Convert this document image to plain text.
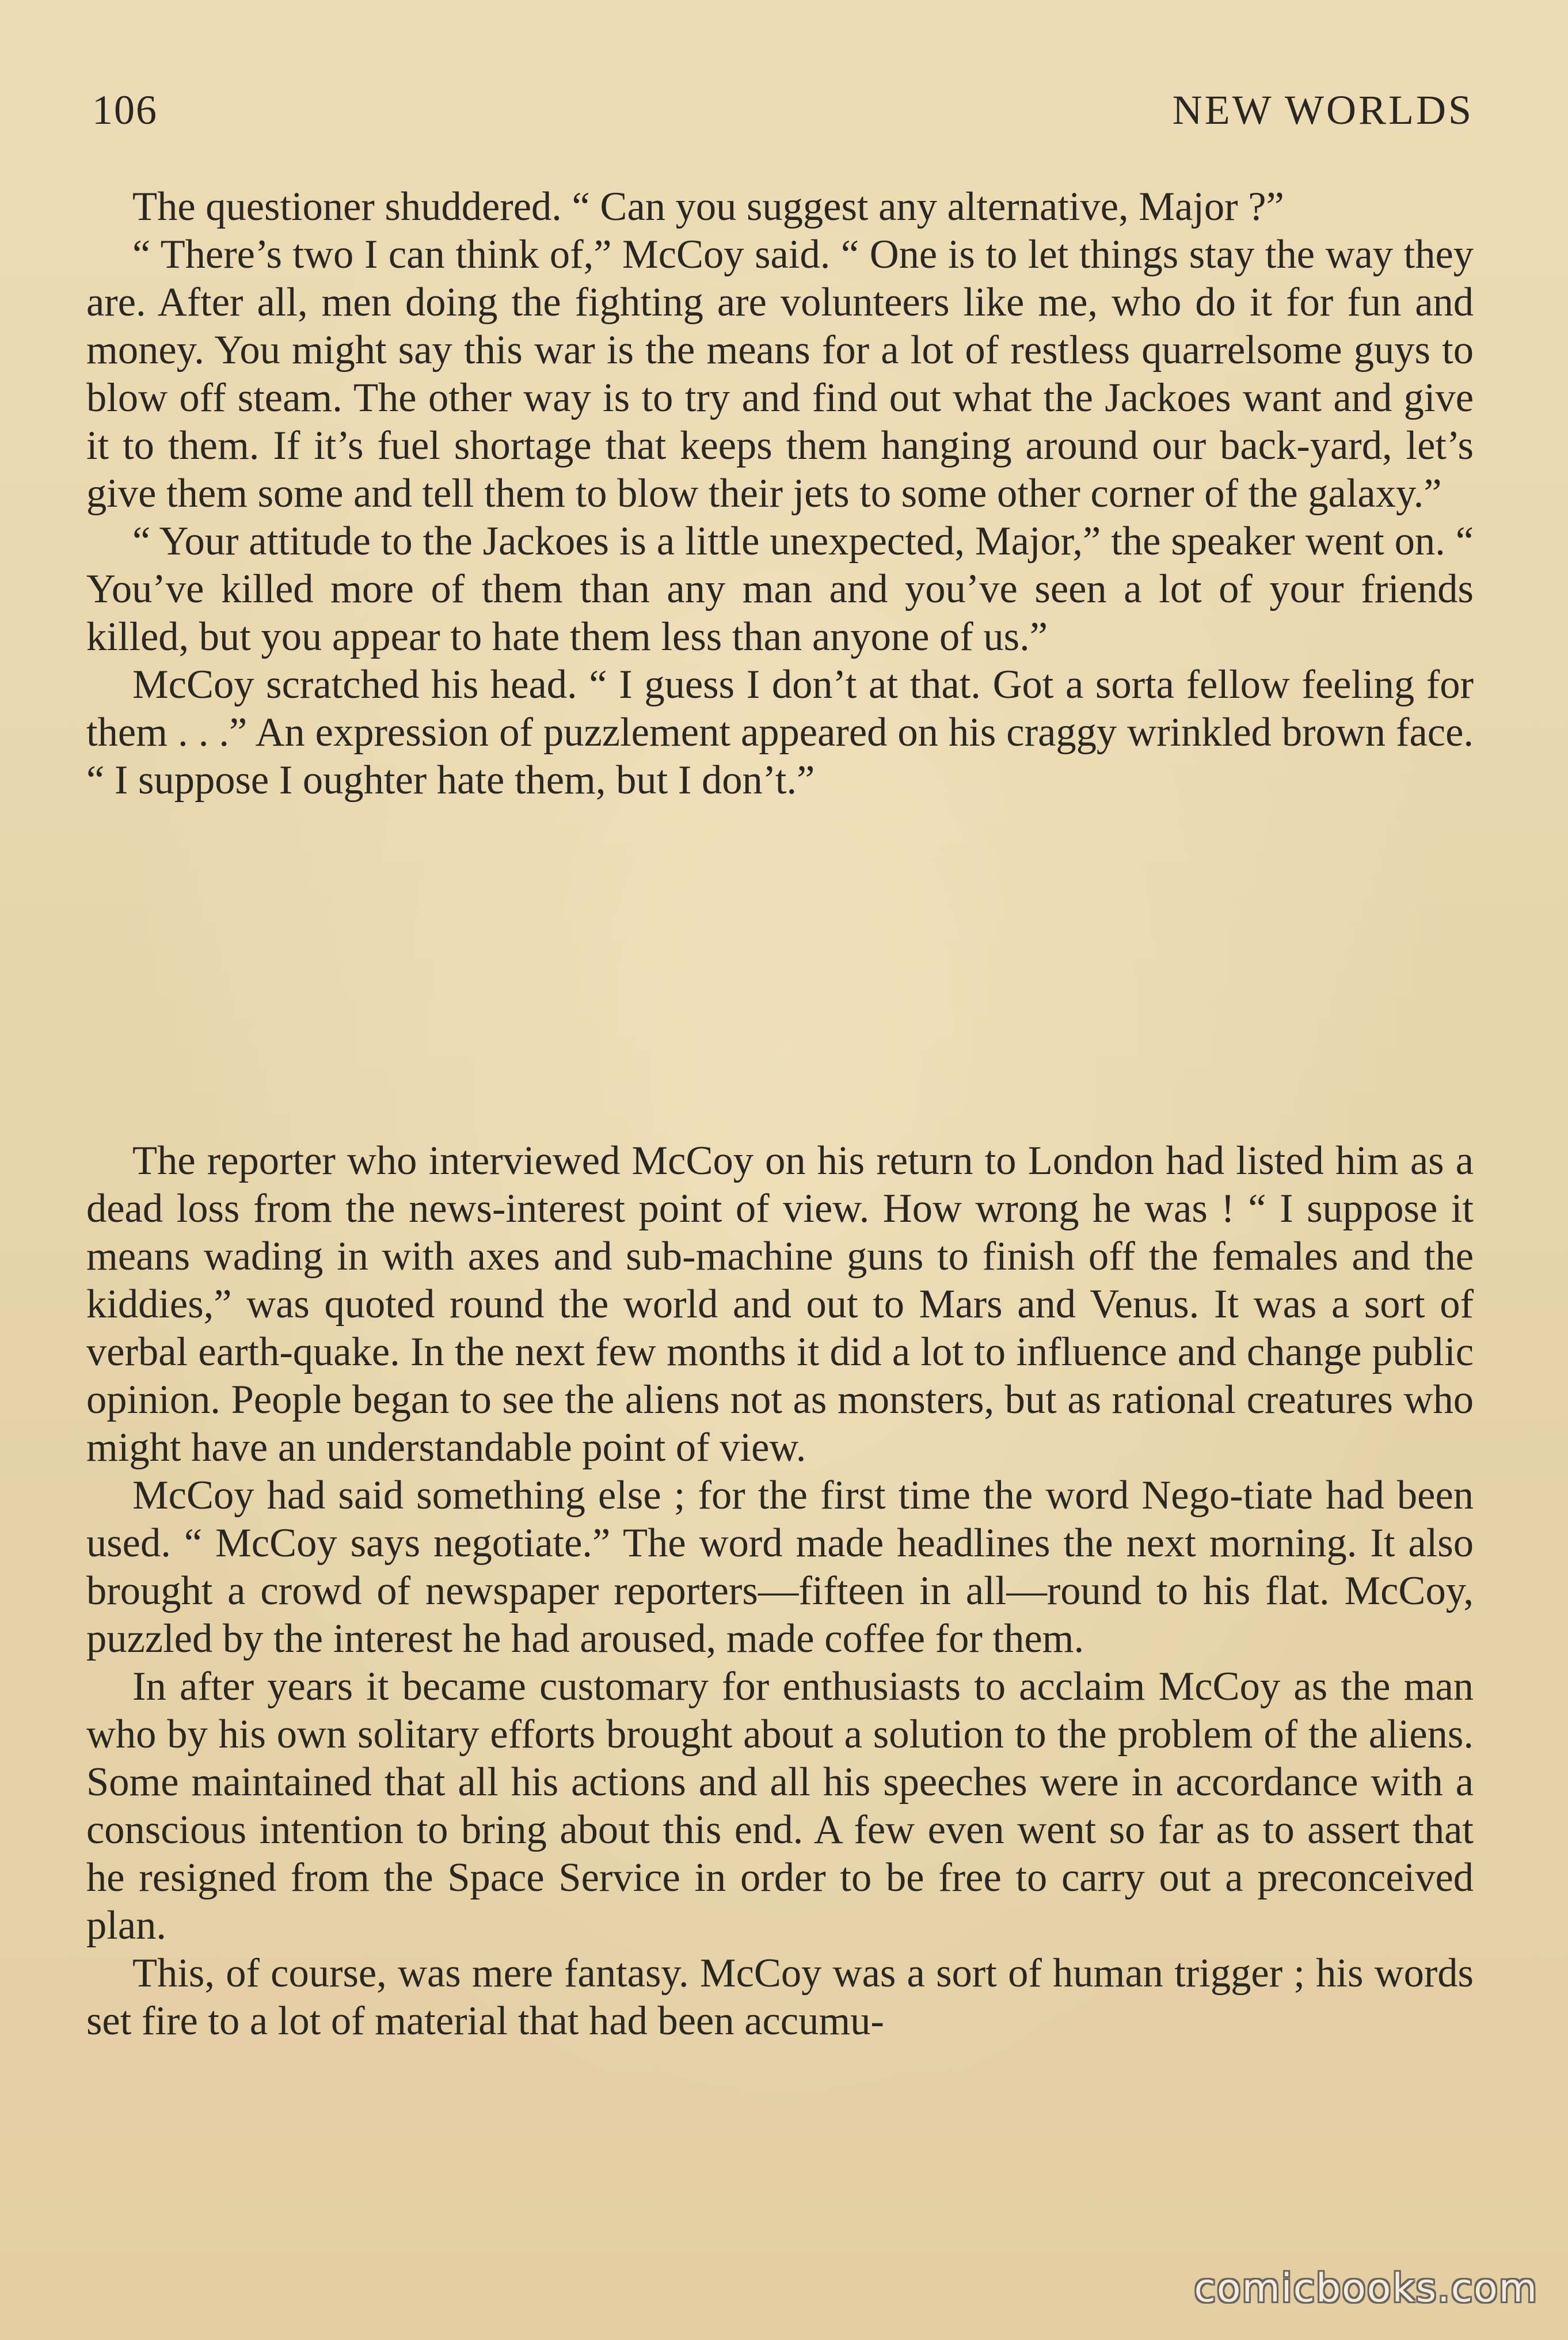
106	NEW WORLDS

The questioner shuddered. “ Can you suggest any alternative, Major ?”

“ There’s two I can think of,” McCoy said. “ One is to let things stay the way they are. After all, men doing the fighting are volunteers like me, who do it for fun and money. You might say this war is the means for a lot of restless quarrelsome guys to blow off steam. The other way is to try and find out what the Jackoes want and give it to them. If it’s fuel shortage that keeps them hanging around our back-yard, let’s give them some and tell them to blow their jets to some other corner of the galaxy.”

“ Your attitude to the Jackoes is a little unexpected, Major,” the speaker went on. “ You’ve killed more of them than any man and you’ve seen a lot of your friends killed, but you appear to hate them less than anyone of us.”

McCoy scratched his head. “ I guess I don’t at that. Got a sorta fellow feeling for them . . .” An expression of puzzlement appeared on his craggy wrinkled brown face. “ I suppose I oughter hate them, but I don’t.”

The reporter who interviewed McCoy on his return to London had listed him as a dead loss from the news-interest point of view. How wrong he was ! “ I suppose it means wading in with axes and sub-machine guns to finish off the females and the kiddies,” was quoted round the world and out to Mars and Venus. It was a sort of verbal earth-quake. In the next few months it did a lot to influence and change public opinion. People began to see the aliens not as monsters, but as rational creatures who might have an understandable point of view.

McCoy had said something else ; for the first time the word Nego-tiate had been used. “ McCoy says negotiate.” The word made headlines the next morning. It also brought a crowd of newspaper reporters—fifteen in all—round to his flat. McCoy, puzzled by the interest he had aroused, made coffee for them.

In after years it became customary for enthusiasts to acclaim McCoy as the man who by his own solitary efforts brought about a solution to the problem of the aliens. Some maintained that all his actions and all his speeches were in accordance with a conscious intention to bring about this end. A few even went so far as to assert that he resigned from the Space Service in order to be free to carry out a preconceived plan.

This, of course, was mere fantasy. McCoy was a sort of human trigger ; his words set fire to a lot of material that had been accumu-

comicbooks.com
